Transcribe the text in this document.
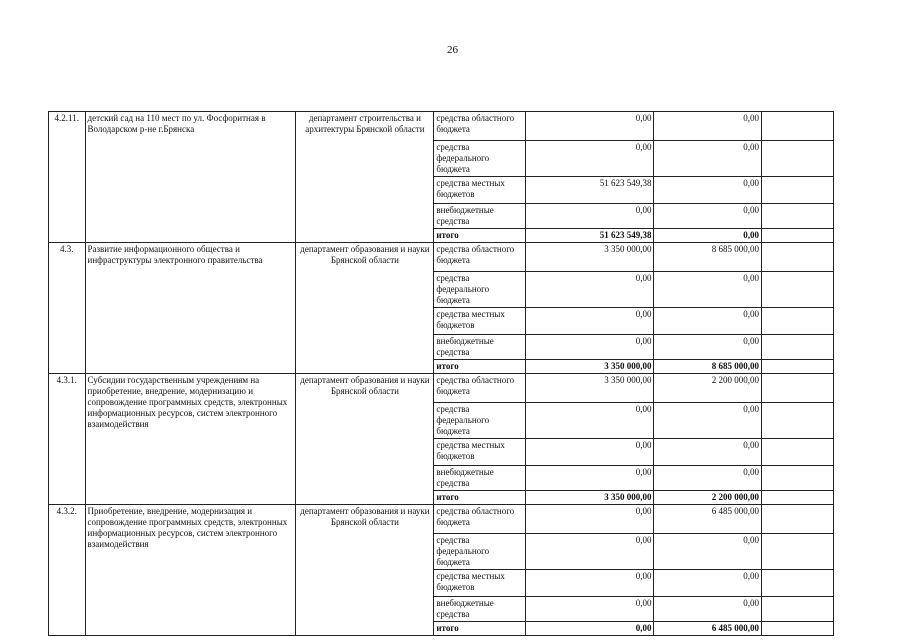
26
4.2.11.	детский сад на 110 мест по ул. Фосфоритная в Володарском р-не г.Брянска	департамент строительства и архитектуры Брянской области	средства областного бюджета	0,00	0,00	
			средства федерального бюджета	0,00	0,00	
			средства местных бюджетов	51 623 549,38	0,00	
			внебюджетные средства	0,00	0,00	
			итого	51 623 549,38	0,00	
4.3.	Развитие информационного общества и инфраструктуры электронного правительства	департамент образования и науки Брянской области	средства областного бюджета	3 350 000,00	8 685 000,00	
			средства федерального бюджета	0,00	0,00	
			средства местных бюджетов	0,00	0,00	
			внебюджетные средства	0,00	0,00	
			итого	3 350 000,00	8 685 000,00	
4.3.1.	Субсидии государственным учреждениям на приобретение, внедрение, модернизацию и сопровождение программных средств, электронных информационных ресурсов, систем электронного взаимодействия	департамент образования и науки Брянской области	средства областного бюджета	3 350 000,00	2 200 000,00	
			средства федерального бюджета	0,00	0,00	
			средства местных бюджетов	0,00	0,00	
			внебюджетные средства	0,00	0,00	
			итого	3 350 000,00	2 200 000,00	
4.3.2.	Приобретение, внедрение, модернизация и сопровождение программных средств, электронных информационных ресурсов, систем электронного взаимодействия	департамент образования и науки Брянской области	средства областного бюджета	0,00	6 485 000,00	
			средства федерального бюджета	0,00	0,00	
			средства местных бюджетов	0,00	0,00	
			внебюджетные средства	0,00	0,00	
			итого	0,00	6 485 000,00	
